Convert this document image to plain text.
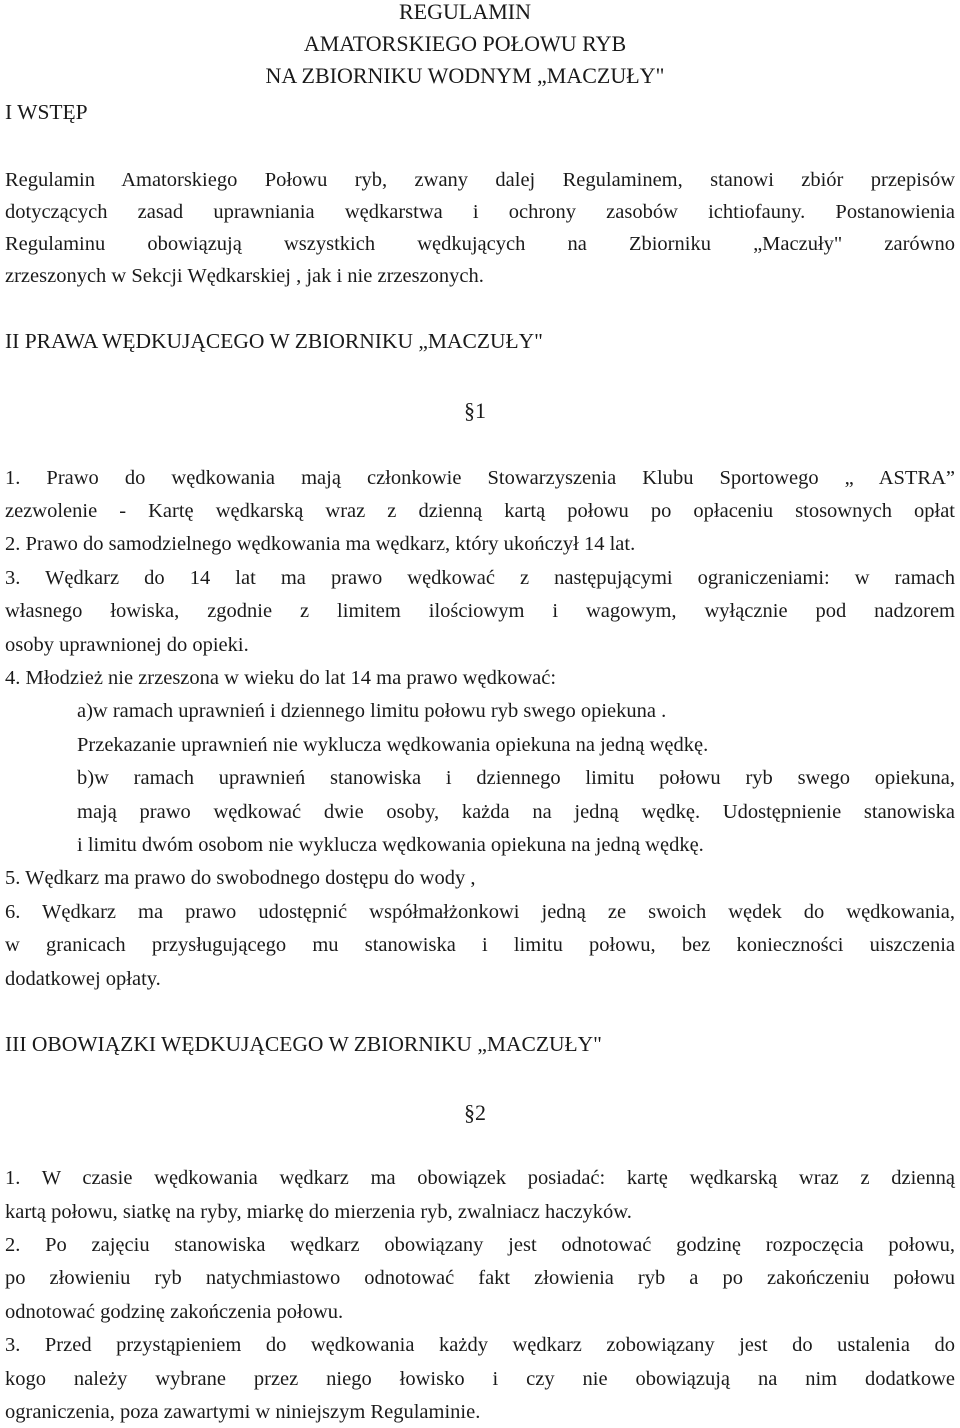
REGULAMIN
AMATORSKIEGO POŁOWU RYB
NA ZBIORNIKU WODNYM „MACZUŁY"
I WSTĘP
Regulamin Amatorskiego Połowu ryb, zwany dalej Regulaminem, stanowi zbiór przepisów
dotyczących zasad uprawniania wędkarstwa i ochrony zasobów ichtiofauny. Postanowienia
Regulaminu obowiązują wszystkich wędkujących na Zbiorniku „Maczuły" zarówno
zrzeszonych w Sekcji Wędkarskiej , jak i nie zrzeszonych.
II PRAWA WĘDKUJĄCEGO W ZBIORNIKU „MACZUŁY"
§1
1. Prawo do wędkowania mają członkowie Stowarzyszenia Klubu Sportowego „ ASTRA”
zezwolenie - Kartę wędkarską wraz z dzienną kartą połowu po opłaceniu stosownych opłat
2. Prawo do samodzielnego wędkowania ma wędkarz, który ukończył 14 lat.
3. Wędkarz do 14 lat ma prawo wędkować z następującymi ograniczeniami: w ramach
własnego łowiska, zgodnie z limitem ilościowym i wagowym, wyłącznie pod nadzorem
osoby uprawnionej do opieki.
4. Młodzież nie zrzeszona w wieku do lat 14 ma prawo wędkować:
a)w ramach uprawnień i dziennego limitu połowu ryb swego opiekuna .
Przekazanie uprawnień nie wyklucza wędkowania opiekuna na jedną wędkę.
b)w ramach uprawnień stanowiska i dziennego limitu połowu ryb swego opiekuna,
mają prawo wędkować dwie osoby, każda na jedną wędkę. Udostępnienie stanowiska
i limitu dwóm osobom nie wyklucza wędkowania opiekuna na jedną wędkę.
5. Wędkarz ma prawo do swobodnego dostępu do wody ,
6. Wędkarz ma prawo udostępnić współmałżonkowi jedną ze swoich wędek do wędkowania,
w granicach przysługującego mu stanowiska i limitu połowu, bez konieczności uiszczenia
dodatkowej opłaty.
III OBOWIĄZKI WĘDKUJĄCEGO W ZBIORNIKU „MACZUŁY"
§2
1. W czasie wędkowania wędkarz ma obowiązek posiadać: kartę wędkarską wraz z dzienną
kartą połowu, siatkę na ryby, miarkę do mierzenia ryb, zwalniacz haczyków.
2. Po zajęciu stanowiska wędkarz obowiązany jest odnotować godzinę rozpoczęcia połowu,
po złowieniu ryb natychmiastowo odnotować fakt złowienia ryb a po zakończeniu połowu
odnotować godzinę zakończenia połowu.
3. Przed przystąpieniem do wędkowania każdy wędkarz zobowiązany jest do ustalenia do
kogo należy wybrane przez niego łowisko i czy nie obowiązują na nim dodatkowe
ograniczenia, poza zawartymi w niniejszym Regulaminie.
